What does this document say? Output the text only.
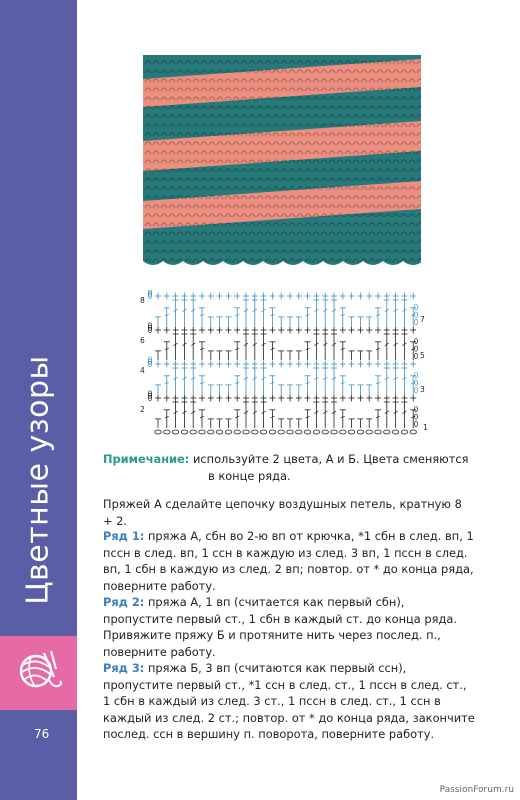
Цветные узоры
76
8
6
4
2
7
5
3
1
Примечание: используйте 2 цвета, А и Б. Цвета сменяются
в конце ряда.
Пряжей А сделайте цепочку воздушных петель, кратную 8 + 2.
Ряд 1: пряжа А, сбн во 2-ю вп от крючка, *1 сбн в след. вп, 1 пссн в след. вп, 1 ссн в каждую из след. 3 вп, 1 пссн в след. вп, 1 сбн в каждую из след. 2 вп; повтор. от * до конца ряда, поверните работу.
Ряд 2: пряжа А, 1 вп (считается как первый сбн), пропустите первый ст., 1 сбн в каждый ст. до конца ряда. Привяжите пряжу Б и протяните нить через послед. п., поверните работу.
Ряд 3: пряжа Б, 3 вп (считаются как первый ссн), пропустите первый ст., *1 ссн в след. ст., 1 пссн в след. ст., 1 сбн в каждый из след. 3 ст., 1 пссн в след. ст., 1 ссн в каждый из след. 2 ст.; повтор. от * до конца ряда, закончите послед. ссн в вершину п. поворота, поверните работу.
PassionForum.ru
